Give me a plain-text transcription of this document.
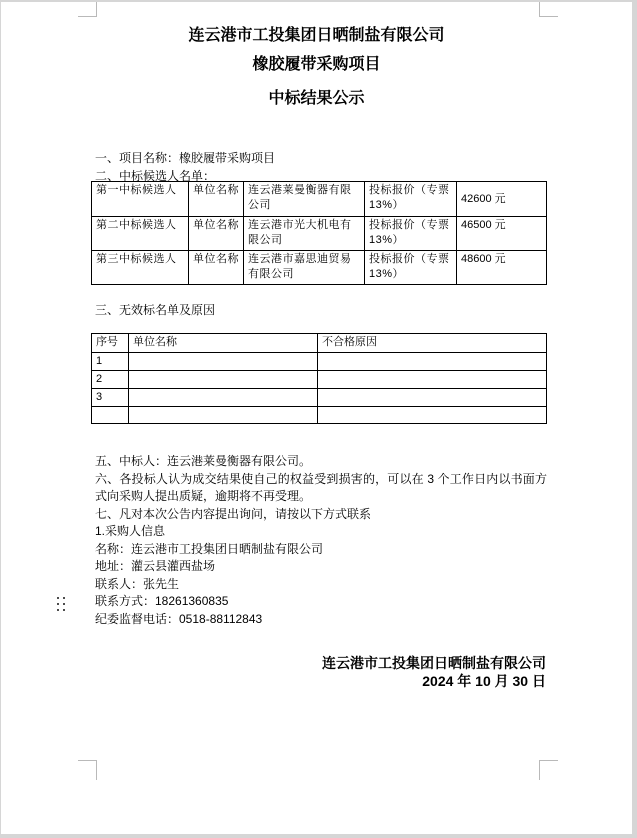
连云港市工投集团日晒制盐有限公司
橡胶履带采购项目
中标结果公示
一、项目名称：橡胶履带采购项目
二、中标候选人名单：
第一中标候选人	单位名称	连云港莱曼衡器有限公司	投标报价（专票 13%）	42600 元
第二中标候选人	单位名称	连云港市光大机电有限公司	投标报价（专票 13%）	46500 元
第三中标候选人	单位名称	连云港市嘉思迪贸易有限公司	投标报价（专票 13%）	48600 元
三、无效标名单及原因
序号	单位名称	不合格原因
1		
2		
3		

五、中标人：连云港莱曼衡器有限公司。
六、各投标人认为成交结果使自己的权益受到损害的，可以在 3 个工作日内以书面方式向采购人提出质疑，逾期将不再受理。
七、凡对本次公告内容提出询问，请按以下方式联系
1.采购人信息
名称：连云港市工投集团日晒制盐有限公司
地址：灌云县灌西盐场
联系人：张先生
联系方式：18261360835
纪委监督电话：0518-88112843
连云港市工投集团日晒制盐有限公司
2024 年 10 月 30 日
